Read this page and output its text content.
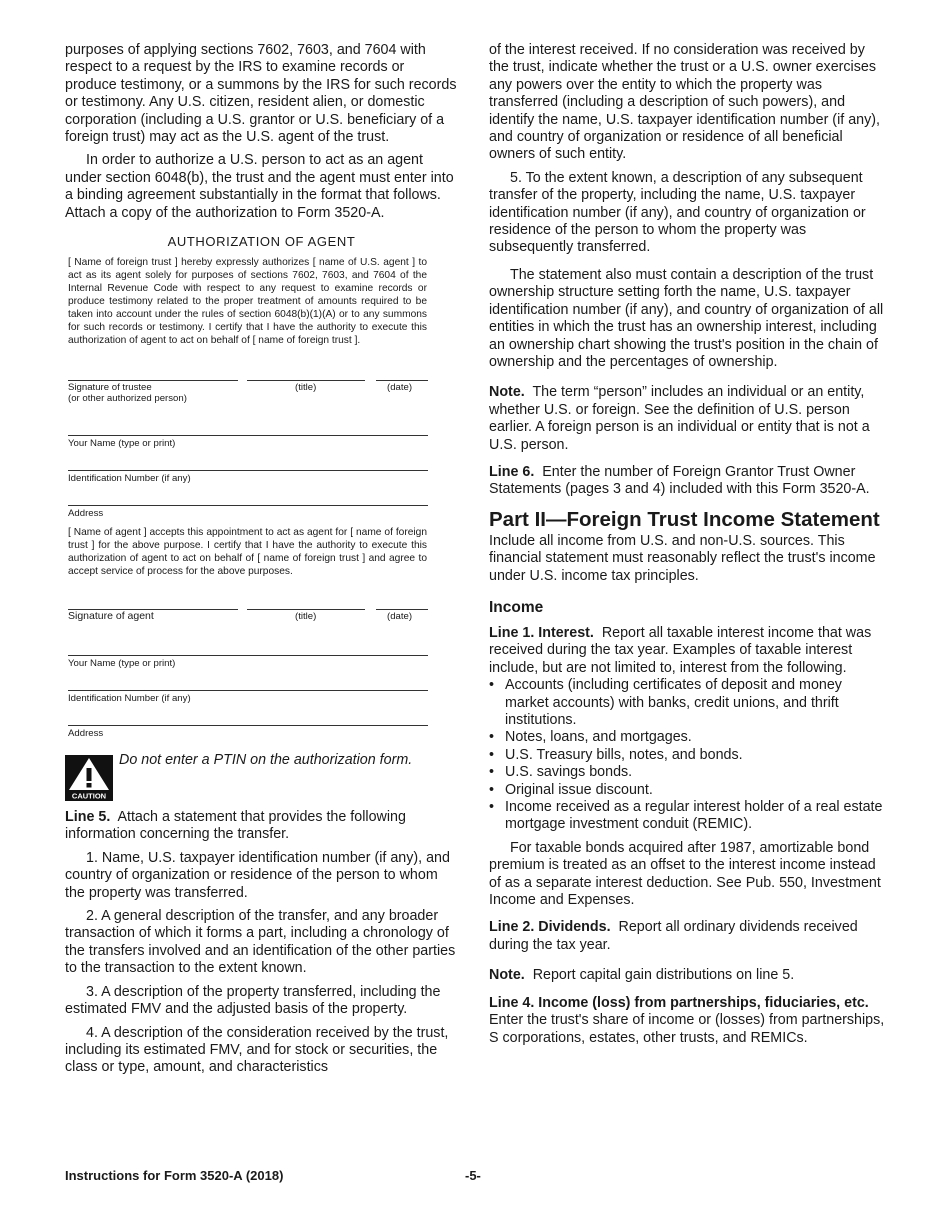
purposes of applying sections 7602, 7603, and 7604 with respect to a request by the IRS to examine records or produce testimony, or a summons by the IRS for such records or testimony. Any U.S. citizen, resident alien, or domestic corporation (including a U.S. grantor or U.S. beneficiary of a foreign trust) may act as the U.S. agent of the trust.

In order to authorize a U.S. person to act as an agent under section 6048(b), the trust and the agent must enter into a binding agreement substantially in the format that follows. Attach a copy of the authorization to Form 3520-A.

AUTHORIZATION OF AGENT
[ Name of foreign trust ] hereby expressly authorizes [ name of U.S. agent ] to act as its agent solely for purposes of sections 7602, 7603, and 7604 of the Internal Revenue Code with respect to any request to examine records or produce testimony related to the proper treatment of amounts required to be taken into account under the rules of section 6048(b)(1)(A) or to any summons for such records or testimony. I certify that I have the authority to execute this authorization of agent to act on behalf of [ name of foreign trust ].
Signature of trustee
(or other authorized person)
(title)	(date)
Your Name (type or print)
Identification Number (if any)
Address
[ Name of agent ] accepts this appointment to act as agent for [ name of foreign trust ] for the above purpose. I certify that I have the authority to execute this authorization of agent to act on behalf of [ name of foreign trust ] and agree to accept service of process for the above purposes.
Signature of agent	(title)	(date)
Your Name (type or print)
Identification Number (if any)
Address
CAUTION
Do not enter a PTIN on the authorization form.

Line 5. Attach a statement that provides the following information concerning the transfer.

1. Name, U.S. taxpayer identification number (if any), and country of organization or residence of the person to whom the property was transferred.

2. A general description of the transfer, and any broader transaction of which it forms a part, including a chronology of the transfers involved and an identification of the other parties to the transaction to the extent known.

3. A description of the property transferred, including the estimated FMV and the adjusted basis of the property.

4. A description of the consideration received by the trust, including its estimated FMV, and for stock or securities, the class or type, amount, and characteristics

of the interest received. If no consideration was received by the trust, indicate whether the trust or a U.S. owner exercises any powers over the entity to which the property was transferred (including a description of such powers), and identify the name, U.S. taxpayer identification number (if any), and country of organization or residence of all beneficial owners of such entity.

5. To the extent known, a description of any subsequent transfer of the property, including the name, U.S. taxpayer identification number (if any), and country of organization or residence of the person to whom the property was subsequently transferred.

The statement also must contain a description of the trust ownership structure setting forth the name, U.S. taxpayer identification number (if any), and country of organization of all entities in which the trust has an ownership interest, including an ownership chart showing the trust's position in the chain of ownership and the percentages of ownership.

Note. The term “person” includes an individual or an entity, whether U.S. or foreign. See the definition of U.S. person earlier. A foreign person is an individual or entity that is not a U.S. person.

Line 6. Enter the number of Foreign Grantor Trust Owner Statements (pages 3 and 4) included with this Form 3520-A.

Part II—Foreign Trust Income Statement

Include all income from U.S. and non-U.S. sources. This financial statement must reasonably reflect the trust's income under U.S. income tax principles.

Income

Line 1. Interest. Report all taxable interest income that was received during the tax year. Examples of taxable interest include, but are not limited to, interest from the following.

• Accounts (including certificates of deposit and money market accounts) with banks, credit unions, and thrift institutions.
• Notes, loans, and mortgages.
• U.S. Treasury bills, notes, and bonds.
• U.S. savings bonds.
• Original issue discount.
• Income received as a regular interest holder of a real estate mortgage investment conduit (REMIC).

For taxable bonds acquired after 1987, amortizable bond premium is treated as an offset to the interest income instead of as a separate interest deduction. See Pub. 550, Investment Income and Expenses.

Line 2. Dividends. Report all ordinary dividends received during the tax year.

Note. Report capital gain distributions on line 5.

Line 4. Income (loss) from partnerships, fiduciaries, etc.  Enter the trust's share of income or (losses) from partnerships, S corporations, estates, other trusts, and REMICs.

Instructions for Form 3520-A (2018)	-5-
